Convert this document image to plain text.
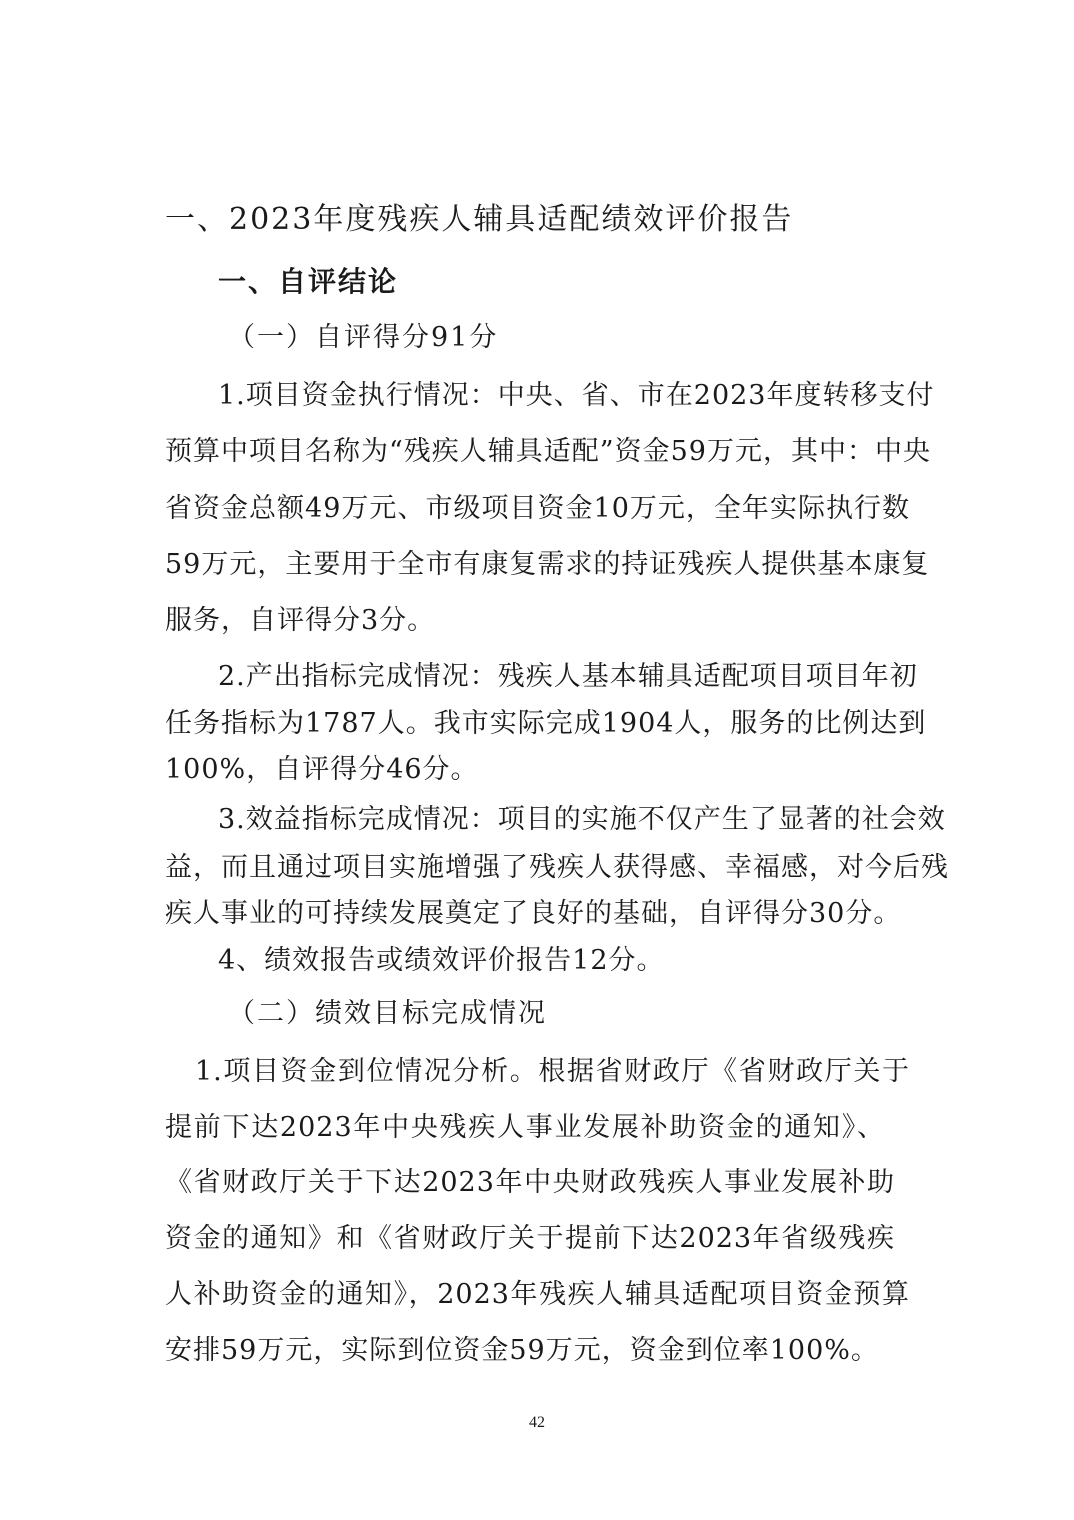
一、2023年度残疾人辅具适配绩效评价报告
一、自评结论
（一）自评得分91分
1.项目资金执行情况：中央、省、市在2023年度转移支付
预算中项目名称为“残疾人辅具适配”资金59万元，其中：中央
省资金总额49万元、市级项目资金10万元，全年实际执行数
59万元，主要用于全市有康复需求的持证残疾人提供基本康复
服务，自评得分3分。
2.产出指标完成情况：残疾人基本辅具适配项目项目年初
任务指标为1787人。我市实际完成1904人，服务的比例达到
100%，自评得分46分。
3.效益指标完成情况：项目的实施不仅产生了显著的社会效
益，而且通过项目实施增强了残疾人获得感、幸福感，对今后残
疾人事业的可持续发展奠定了良好的基础，自评得分30分。
4、绩效报告或绩效评价报告12分。
（二）绩效目标完成情况
1.项目资金到位情况分析。根据省财政厅《省财政厅关于
提前下达2023年中央残疾人事业发展补助资金的通知》、
《省财政厅关于下达2023年中央财政残疾人事业发展补助
资金的通知》和《省财政厅关于提前下达2023年省级残疾
人补助资金的通知》，2023年残疾人辅具适配项目资金预算
安排59万元，实际到位资金59万元，资金到位率100%。
42
